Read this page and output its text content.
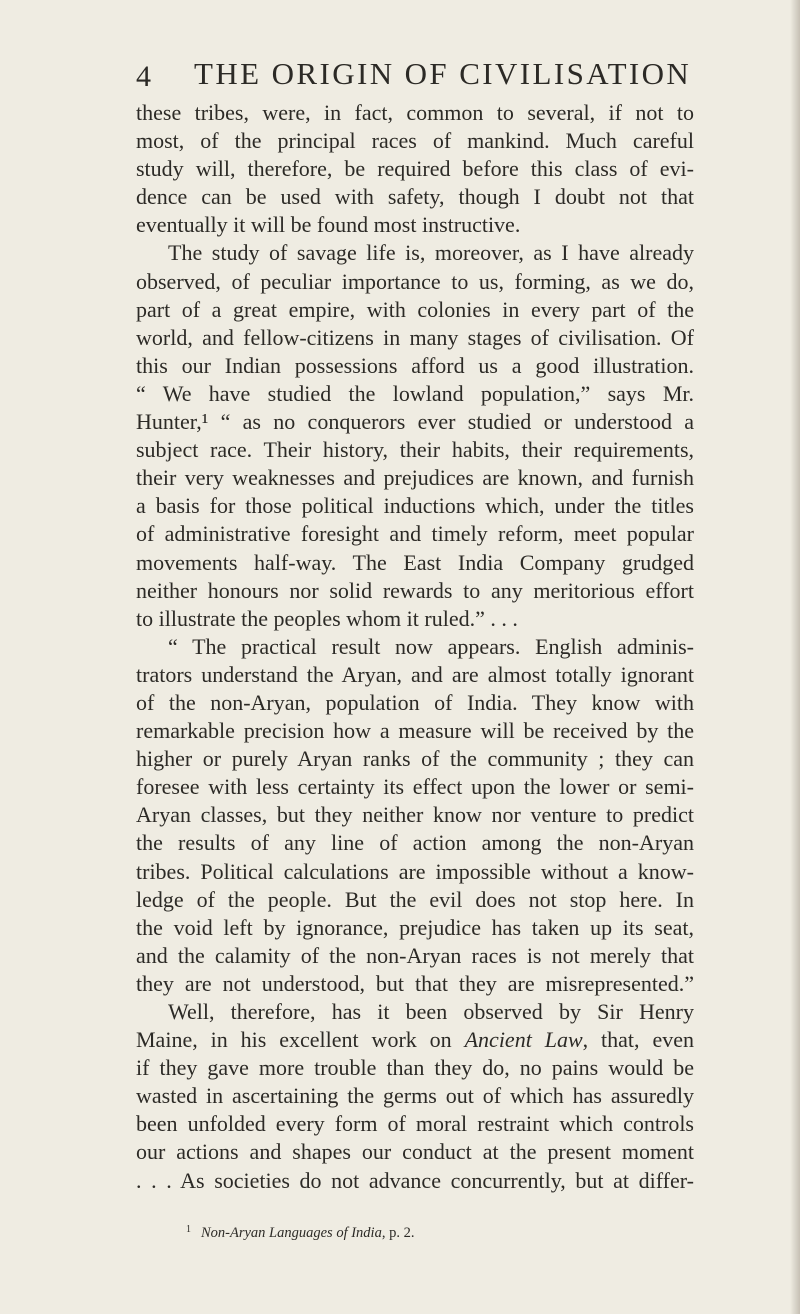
4 THE ORIGIN OF CIVILISATION
these tribes, were, in fact, common to several, if not to
most, of the principal races of mankind. Much careful
study will, therefore, be required before this class of evi-
dence can be used with safety, though I doubt not that
eventually it will be found most instructive.
The study of savage life is, moreover, as I have already
observed, of peculiar importance to us, forming, as we do,
part of a great empire, with colonies in every part of the
world, and fellow-citizens in many stages of civilisation. Of
this our Indian possessions afford us a good illustration.
“ We have studied the lowland population,” says Mr.
Hunter,¹ “ as no conquerors ever studied or understood a
subject race. Their history, their habits, their requirements,
their very weaknesses and prejudices are known, and furnish
a basis for those political inductions which, under the titles
of administrative foresight and timely reform, meet popular
movements half-way. The East India Company grudged
neither honours nor solid rewards to any meritorious effort
to illustrate the peoples whom it ruled.” . . .
“ The practical result now appears. English adminis-
trators understand the Aryan, and are almost totally ignorant
of the non-Aryan, population of India. They know with
remarkable precision how a measure will be received by the
higher or purely Aryan ranks of the community ; they can
foresee with less certainty its effect upon the lower or semi-
Aryan classes, but they neither know nor venture to predict
the results of any line of action among the non-Aryan
tribes. Political calculations are impossible without a know-
ledge of the people. But the evil does not stop here. In
the void left by ignorance, prejudice has taken up its seat,
and the calamity of the non-Aryan races is not merely that
they are not understood, but that they are misrepresented.”
Well, therefore, has it been observed by Sir Henry
Maine, in his excellent work on Ancient Law, that, even
if they gave more trouble than they do, no pains would be
wasted in ascertaining the germs out of which has assuredly
been unfolded every form of moral restraint which controls
our actions and shapes our conduct at the present moment
. . . As societies do not advance concurrently, but at differ-
$^1$ Non-Aryan Languages of India, p. 2.
